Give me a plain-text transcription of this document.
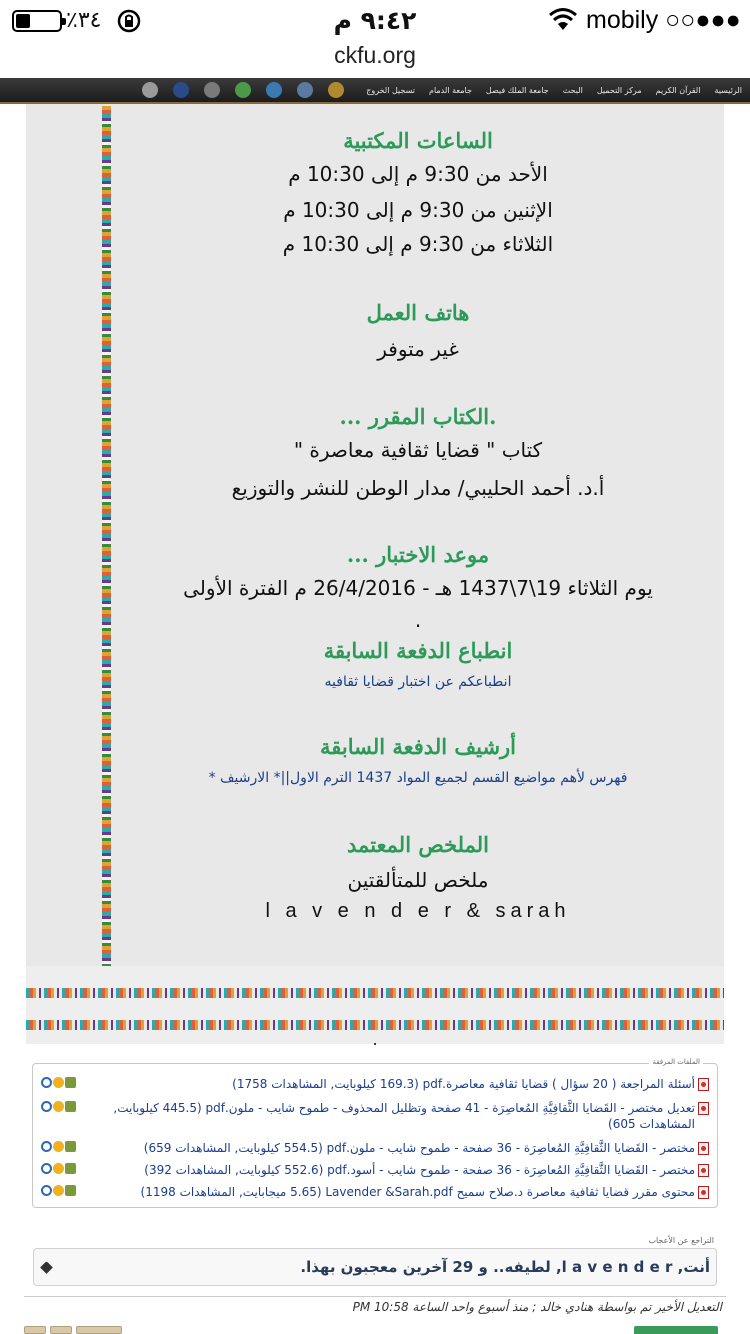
mobily ○○●●●
٩:٤٢ م
٣٤٪
ckfu.org
الرئيسية
القرآن الكريم
مركز التحميل
البحث
جامعة الملك فيصل
جامعة الدمام
تسجيل الخروج
الساعات المكتبية
الأحد من 9:30 م إلى 10:30 م
الإثنين من 9:30 م إلى 10:30 م
الثلاثاء من 9:30 م إلى 10:30 م
هاتف العمل
غير متوفر
.الكتاب المقرر ...
كتاب " قضايا ثقافية معاصرة "
أ.د. أحمد الحليبي/ مدار الوطن للنشر والتوزيع
موعد الاختبار ...
يوم الثلاثاء 19\7\1437 هـ - 26/4/2016 م الفترة الأولى
.
انطباع الدفعة السابقة
انطباعكم عن اختبار قضايا ثقافيه
أرشيف الدفعة السابقة
فهرس لأهم مواضيع القسم لجميع المواد 1437 الترم الاول||* الارشيف *
الملخص المعتمد
ملخص للمتألقتين
l a v e n d e r & sarah
.
الملفات المرفقة
أسئلة المراجعة ( 20 سؤال ) قضايا ثقافية معاصرة.pdf (169.3 كيلوبايت, المشاهدات 1758)
تعديل مختصر - القَضايا الثَّقافِيَّةِ المُعاصِرَة - 41 صفحة وتظليل المحذوف - طموح شايب - ملون.pdf (445.5 كيلوبايت, المشاهدات 605)
مختصر - القَضايا الثَّقافِيَّةِ المُعاصِرَة - 36 صفحة - طموح شايب - ملون.pdf (554.5 كيلوبايت, المشاهدات 659)
مختصر - القَضايا الثَّقافِيَّةِ المُعاصِرَة - 36 صفحة - طموح شايب - أسود.pdf (552.6 كيلوبايت, المشاهدات 392)
محتوى مقرر قضايا ثقافية معاصرة د.صلاح سميح Lavender &Sarah.pdf (5.65 ميجابايت, المشاهدات 1198)
التراجع عن الأعجاب
أنت, l a v e n d e r, لطيفه.. و 29 آخرين معجبون بهذا.
التعديل الأخير تم بواسطة هنادي خالد ; منذ أسبوع واحد الساعة 10:58 PM
